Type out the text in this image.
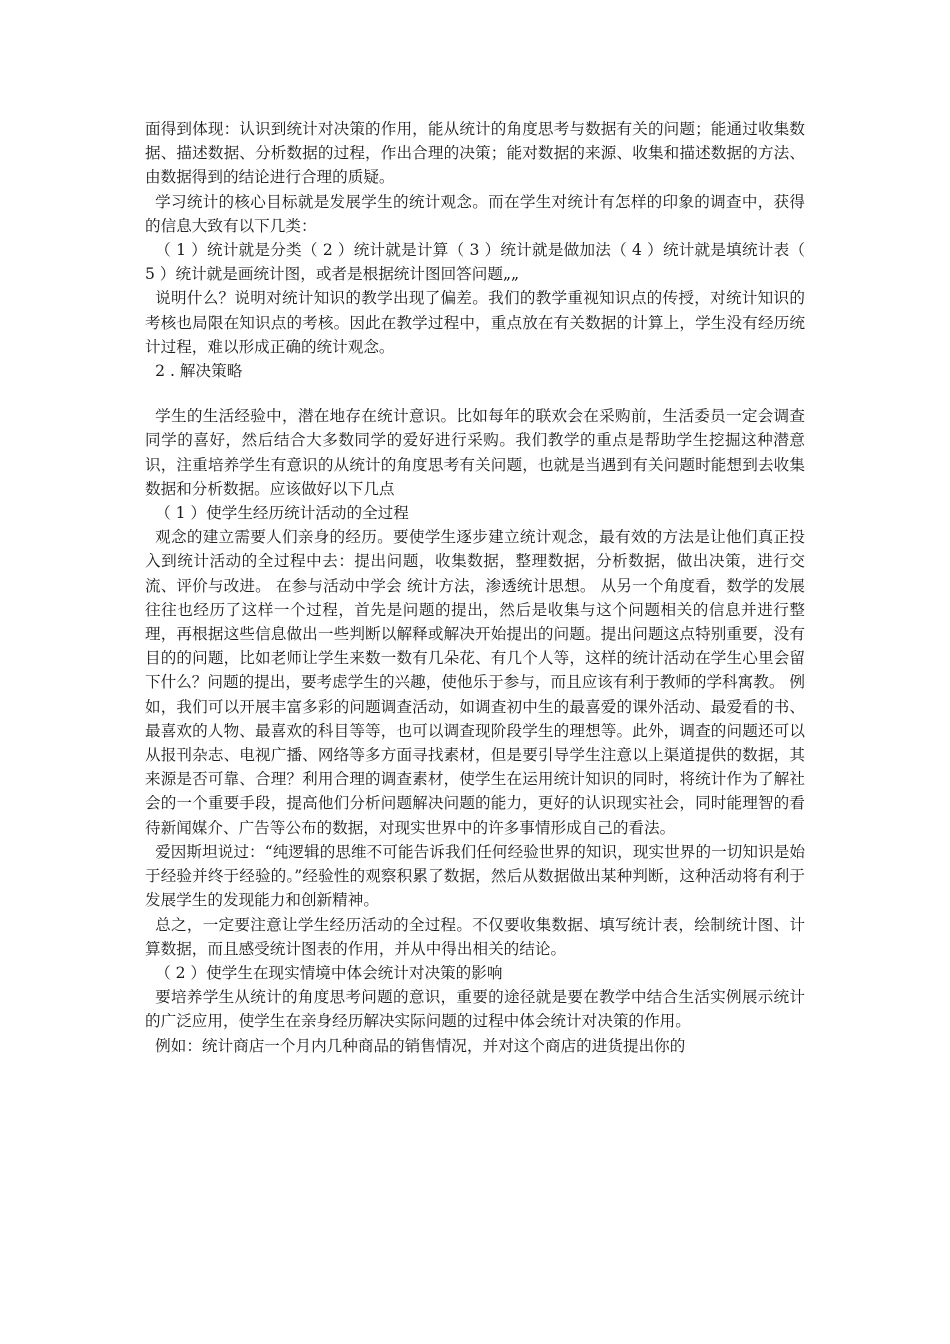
面得到体现：认识到统计对决策的作用，能从统计的角度思考与数据有关的问题；能通过收集数据、描述数据、分析数据的过程，作出合理的决策；能对数据的来源、收集和描述数据的方法、由数据得到的结论进行合理的质疑。

学习统计的核心目标就是发展学生的统计观念。而在学生对统计有怎样的印象的调查中，获得的信息大致有以下几类：

（ 1 ）统计就是分类（ 2 ）统计就是计算（ 3 ）统计就是做加法（ 4 ）统计就是填统计表（ 5 ）统计就是画统计图，或者是根据统计图回答问题„„

说明什么？说明对统计知识的教学出现了偏差。我们的教学重视知识点的传授，对统计知识的考核也局限在知识点的考核。因此在教学过程中，重点放在有关数据的计算上，学生没有经历统计过程，难以形成正确的统计观念。

2 . 解决策略

学生的生活经验中，潜在地存在统计意识。比如每年的联欢会在采购前，生活委员一定会调查同学的喜好，然后结合大多数同学的爱好进行采购。我们教学的重点是帮助学生挖掘这种潜意识，注重培养学生有意识的从统计的角度思考有关问题，也就是当遇到有关问题时能想到去收集数据和分析数据。应该做好以下几点

（ 1 ）使学生经历统计活动的全过程

观念的建立需要人们亲身的经历。要使学生逐步建立统计观念，最有效的方法是让他们真正投入到统计活动的全过程中去：提出问题，收集数据，整理数据，分析数据，做出决策，进行交流、评价与改进。 在参与活动中学会 统计方法，渗透统计思想。 从另一个角度看，数学的发展往往也经历了这样一个过程，首先是问题的提出，然后是收集与这个问题相关的信息并进行整理，再根据这些信息做出一些判断以解释或解决开始提出的问题。提出问题这点特别重要，没有目的的问题，比如老师让学生来数一数有几朵花、有几个人等，这样的统计活动在学生心里会留下什么？问题的提出，要考虑学生的兴趣，使他乐于参与，而且应该有利于教师的学科寓教。 例如，我们可以开展丰富多彩的问题调查活动，如调查初中生的最喜爱的课外活动、最爱看的书、最喜欢的人物、最喜欢的科目等等，也可以调查现阶段学生的理想等。此外，调查的问题还可以从报刊杂志、电视广播、网络等多方面寻找素材，但是要引导学生注意以上渠道提供的数据，其来源是否可靠、合理？利用合理的调查素材，使学生在运用统计知识的同时，将统计作为了解社会的一个重要手段，提高他们分析问题解决问题的能力，更好的认识现实社会，同时能理智的看待新闻媒介、广告等公布的数据，对现实世界中的许多事情形成自己的看法。

爱因斯坦说过：“纯逻辑的思维不可能告诉我们任何经验世界的知识，现实世界的一切知识是始于经验并终于经验的。”经验性的观察积累了数据，然后从数据做出某种判断，这种活动将有利于发展学生的发现能力和创新精神。

总之，一定要注意让学生经历活动的全过程。不仅要收集数据、填写统计表，绘制统计图、计算数据，而且感受统计图表的作用，并从中得出相关的结论。

（ 2 ）使学生在现实情境中体会统计对决策的影响

要培养学生从统计的角度思考问题的意识，重要的途径就是要在教学中结合生活实例展示统计的广泛应用，使学生在亲身经历解决实际问题的过程中体会统计对决策的作用。

例如：统计商店一个月内几种商品的销售情况，并对这个商店的进货提出你的
